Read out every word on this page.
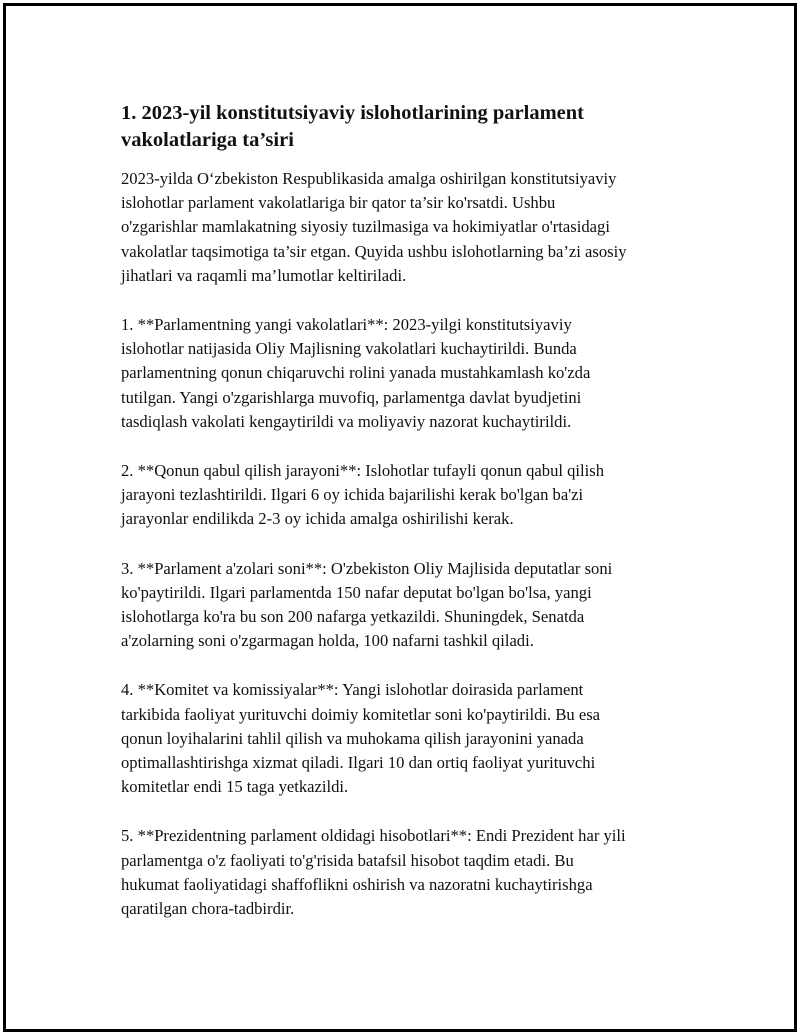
1. 2023-yil konstitutsiyaviy islohotlarining parlament
vakolatlariga ta’siri

2023-yilda O‘zbekiston Respublikasida amalga oshirilgan konstitutsiyaviy
islohotlar parlament vakolatlariga bir qator ta’sir ko'rsatdi. Ushbu
o'zgarishlar mamlakatning siyosiy tuzilmasiga va hokimiyatlar o'rtasidagi
vakolatlar taqsimotiga ta’sir etgan. Quyida ushbu islohotlarning ba’zi asosiy
jihatlari va raqamli ma’lumotlar keltiriladi.

1. **Parlamentning yangi vakolatlari**: 2023-yilgi konstitutsiyaviy
islohotlar natijasida Oliy Majlisning vakolatlari kuchaytirildi. Bunda
parlamentning qonun chiqaruvchi rolini yanada mustahkamlash ko'zda
tutilgan. Yangi o'zgarishlarga muvofiq, parlamentga davlat byudjetini
tasdiqlash vakolati kengaytirildi va moliyaviy nazorat kuchaytirildi.

2. **Qonun qabul qilish jarayoni**: Islohotlar tufayli qonun qabul qilish
jarayoni tezlashtirildi. Ilgari 6 oy ichida bajarilishi kerak bo'lgan ba'zi
jarayonlar endilikda 2-3 oy ichida amalga oshirilishi kerak.

3. **Parlament a'zolari soni**: O'zbekiston Oliy Majlisida deputatlar soni
ko'paytirildi. Ilgari parlamentda 150 nafar deputat bo'lgan bo'lsa, yangi
islohotlarga ko'ra bu son 200 nafarga yetkazildi. Shuningdek, Senatda
a'zolarning soni o'zgarmagan holda, 100 nafarni tashkil qiladi.

4. **Komitet va komissiyalar**: Yangi islohotlar doirasida parlament
tarkibida faoliyat yurituvchi doimiy komitetlar soni ko'paytirildi. Bu esa
qonun loyihalarini tahlil qilish va muhokama qilish jarayonini yanada
optimallashtirishga xizmat qiladi. Ilgari 10 dan ortiq faoliyat yurituvchi
komitetlar endi 15 taga yetkazildi.

5. **Prezidentning parlament oldidagi hisobotlari**: Endi Prezident har yili
parlamentga o'z faoliyati to'g'risida batafsil hisobot taqdim etadi. Bu
hukumat faoliyatidagi shaffoflikni oshirish va nazoratni kuchaytirishga
qaratilgan chora-tadbirdir.
